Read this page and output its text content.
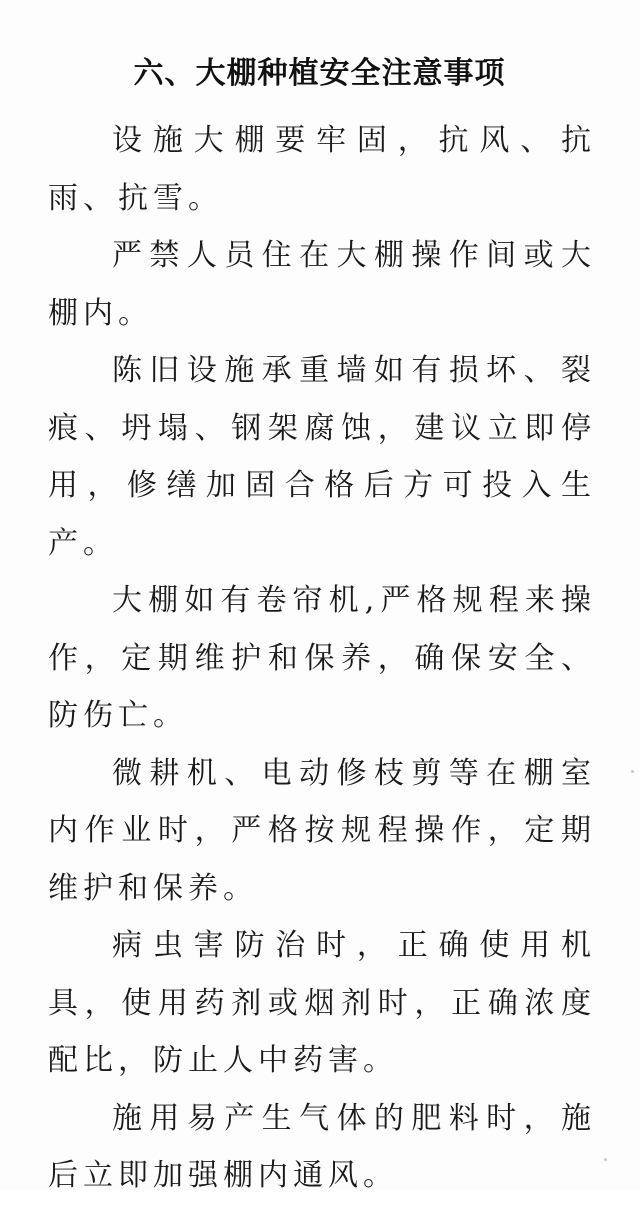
六、大棚种植安全注意事项

设施大棚要牢固，抗风、抗雨、抗雪。

严禁人员住在大棚操作间或大棚内。

陈旧设施承重墙如有损坏、裂痕、坍塌、钢架腐蚀，建议立即停用，修缮加固合格后方可投入生产。

大棚如有卷帘机,严格规程来操作，定期维护和保养，确保安全、防伤亡。

微耕机、电动修枝剪等在棚室内作业时，严格按规程操作，定期维护和保养。

病虫害防治时，正确使用机具，使用药剂或烟剂时，正确浓度配比，防止人中药害。

施用易产生气体的肥料时，施后立即加强棚内通风。
